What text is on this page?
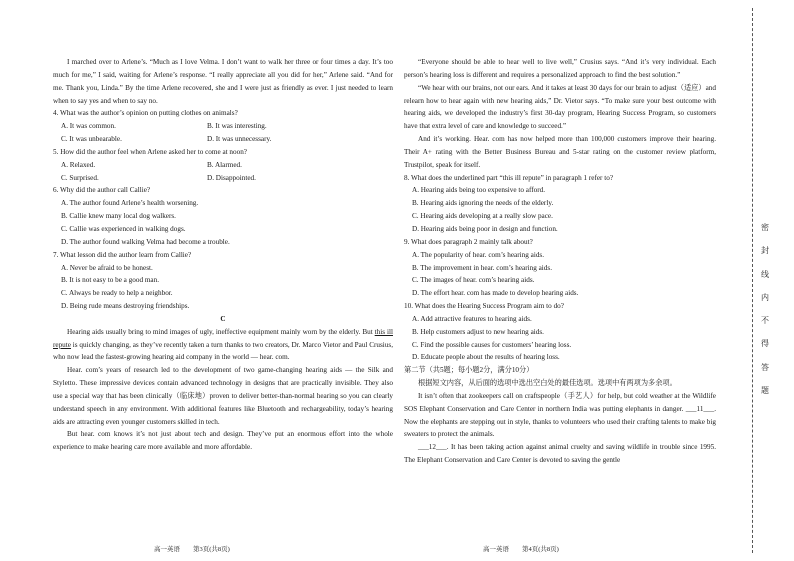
I marched over to Arlene’s. “Much as I love Velma. I don’t want to walk her three or four times a day. It’s too much for me,” I said, waiting for Arlene’s response. “I really appreciate all you did for her,” Arlene said. “And for me. Thank you, Linda.” By the time Arlene recovered, she and I were just as friendly as ever. I just needed to learn when to say yes and when to say no.

4. What was the author’s opinion on putting clothes on animals?

A. It was common.	B. It was interesting.
C. It was unbearable.	D. It was unnecessary.

5. How did the author feel when Arlene asked her to come at noon?

A. Relaxed.	B. Alarmed.
C. Surprised.	D. Disappointed.

6. Why did the author call Callie?

A. The author found Arlene’s health worsening.

B. Callie knew many local dog walkers.

C. Callie was experienced in walking dogs.

D. The author found walking Velma had become a trouble.

7. What lesson did the author learn from Callie?

A. Never be afraid to be honest.

B. It is not easy to be a good man.

C. Always be ready to help a neighbor.

D. Being rude means destroying friendships.

C

Hearing aids usually bring to mind images of ugly, ineffective equipment mainly worn by the elderly. But this ill repute is quickly changing, as they’ve recently taken a turn thanks to two creators, Dr. Marco Vietor and Paul Crusius, who now lead the fastest-growing hearing aid company in the world — hear. com.

Hear. com’s years of research led to the development of two game-changing hearing aids — the Silk and Styletto. These impressive devices contain advanced technology in designs that are practically invisible. They also use a special way that has been clinically（临床地）proven to deliver better-than-normal hearing so you can clearly understand speech in any environment. With additional features like Bluetooth and rechargeability, today’s hearing aids are attracting even younger customers skilled in tech.

But hear. com knows it’s not just about tech and design. They’ve put an enormous effort into the whole experience to make hearing care more available and more affordable.

“Everyone should be able to hear well to live well,” Crusius says. “And it’s very individual. Each person’s hearing loss is different and requires a personalized approach to find the best solution.”

“We hear with our brains, not our ears. And it takes at least 30 days for our brain to adjust（适应）and relearn how to hear again with new hearing aids,” Dr. Vietor says. “To make sure your best outcome with hearing aids, we developed the industry’s first 30-day program, Hearing Success Program, so customers have that extra level of care and knowledge to succeed.”

And it’s working. Hear. com has now helped more than 100,000 customers improve their hearing. Their A+ rating with the Better Business Bureau and 5-star rating on the customer review platform, Trustpilot, speak for itself.

8. What does the underlined part “this ill repute” in paragraph 1 refer to?

A. Hearing aids being too expensive to afford.

B. Hearing aids ignoring the needs of the elderly.

C. Hearing aids developing at a really slow pace.

D. Hearing aids being poor in design and function.

9. What does paragraph 2 mainly talk about?

A. The popularity of hear. com’s hearing aids.

B. The improvement in hear. com’s hearing aids.

C. The images of hear. com’s hearing aids.

D. The effort hear. com has made to develop hearing aids.

10. What does the Hearing Success Program aim to do?

A. Add attractive features to hearing aids.

B. Help customers adjust to new hearing aids.

C. Find the possible causes for customers’ hearing loss.

D. Educate people about the results of hearing loss.

第二节（共5题；每小题2分，满分10分）

根据短文内容，从后面的选项中选出空白处的最佳选项。选项中有两项为多余项。

It isn’t often that zookeepers call on craftspeople（手艺人）for help, but cold weather at the Wildlife SOS Elephant Conservation and Care Center in northern India was putting elephants in danger. ___11___. Now the elephants are stepping out in style, thanks to volunteers who used their crafting talents to make big sweaters to protect the animals.

___12___. It has been taking action against animal cruelty and saving wildlife in trouble since 1995. The Elephant Conservation and Care Center is devoted to saving the gentle

高一英语　　第3页(共8页)	高一英语　　第4页(共8页)
密
封
线
内
不
得
答
题
